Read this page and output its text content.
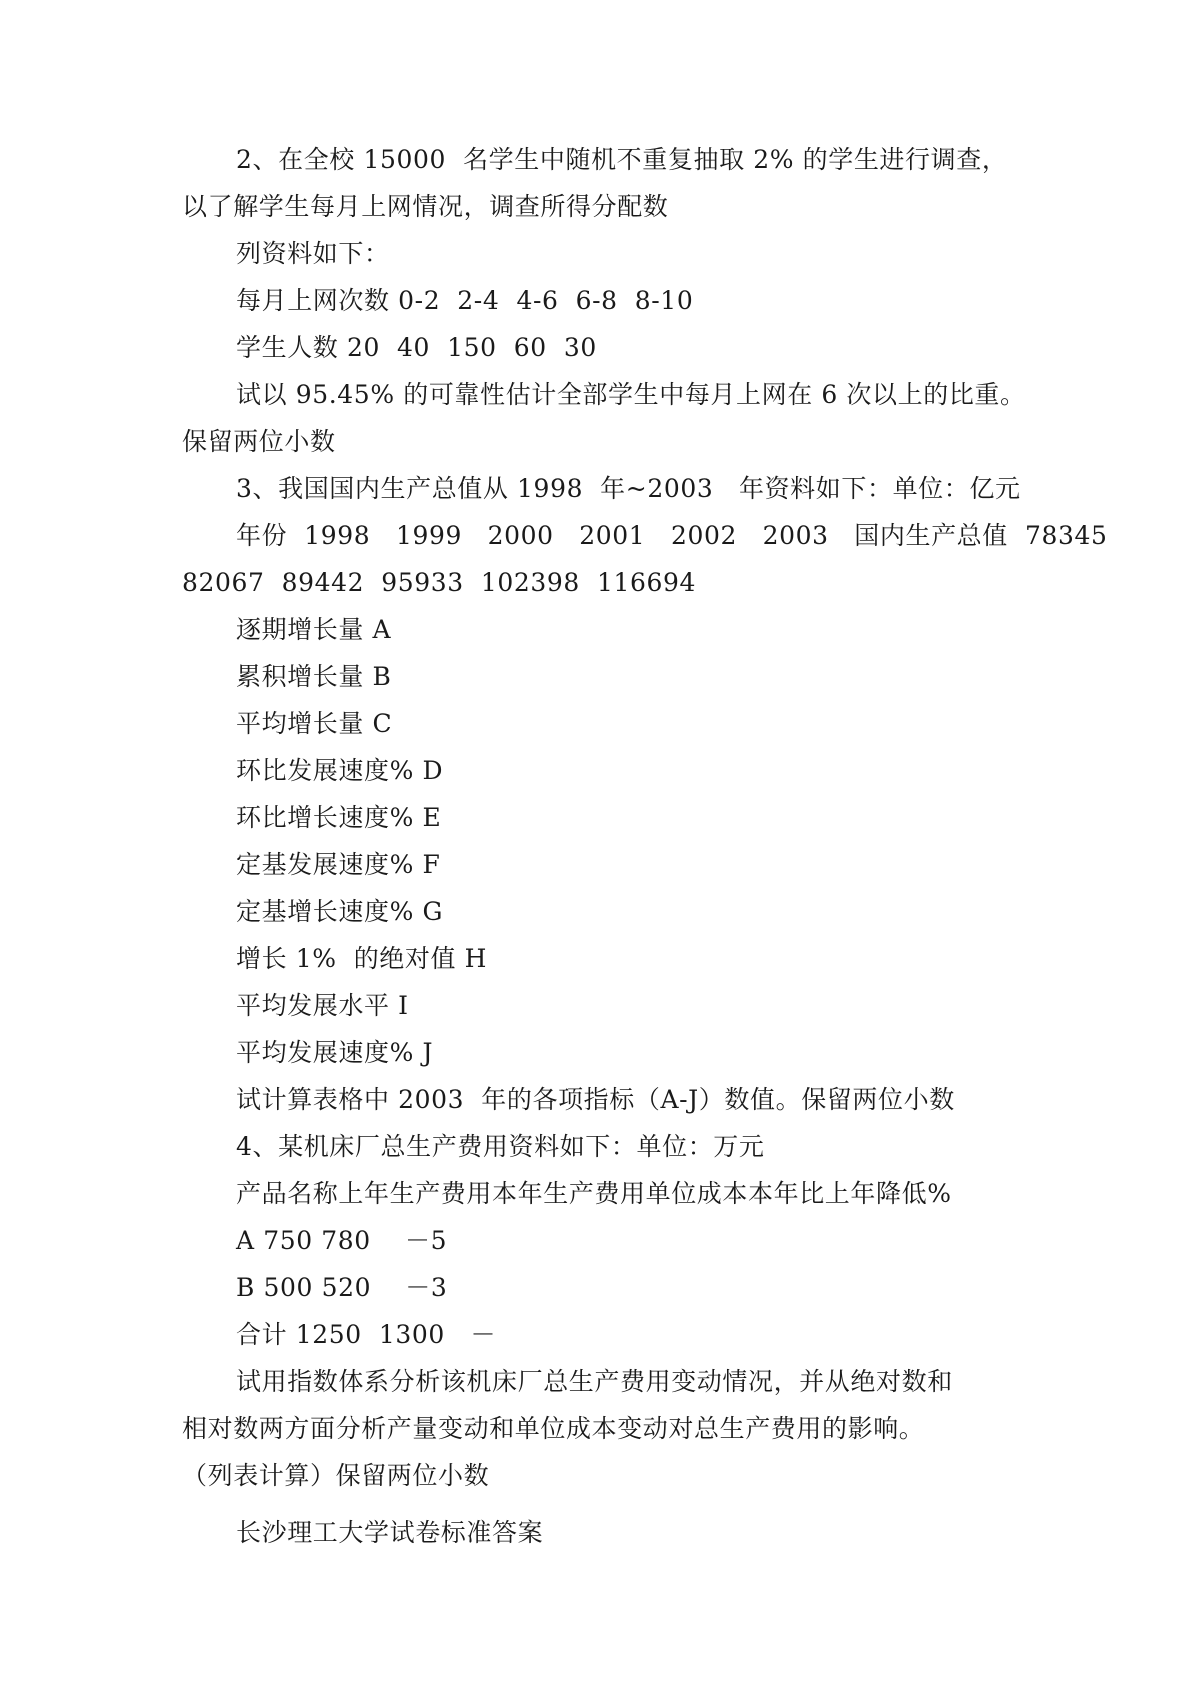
2、在全校 15000  名学生中随机不重复抽取 2% 的学生进行调查，
以了解学生每月上网情况，调查所得分配数
列资料如下：
每月上网次数 0-2  2-4  4-6  6-8  8-10
学生人数 20  40  150  60  30
试以 95.45% 的可靠性估计全部学生中每月上网在 6 次以上的比重。
保留两位小数
3、我国国内生产总值从 1998  年~2003   年资料如下：单位：亿元
年份  1998   1999   2000   2001   2002   2003   国内生产总值  78345
82067  89442  95933  102398  116694
逐期增长量 A
累积增长量 B
平均增长量 C
环比发展速度% D
环比增长速度% E
定基发展速度% F
定基增长速度% G
增长 1%  的绝对值 H
平均发展水平 I
平均发展速度% J
试计算表格中 2003  年的各项指标（A-J）数值。保留两位小数
4、某机床厂总生产费用资料如下：单位：万元
产品名称上年生产费用本年生产费用单位成本本年比上年降低%
A 750 780    －5
B 500 520    －3
合计 1250  1300   －
试用指数体系分析该机床厂总生产费用变动情况，并从绝对数和
相对数两方面分析产量变动和单位成本变动对总生产费用的影响。
（列表计算）保留两位小数
长沙理工大学试卷标准答案
